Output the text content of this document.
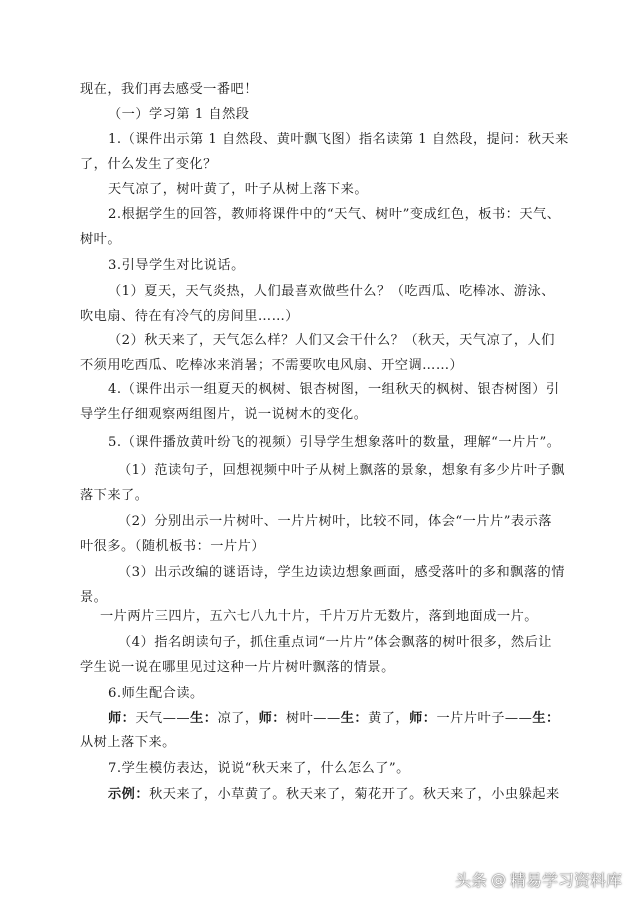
现在，我们再去感受一番吧！
（一）学习第 1 自然段
1.（课件出示第 1 自然段、黄叶飘飞图）指名读第 1 自然段，提问：秋天来
了，什么发生了变化？
天气凉了，树叶黄了，叶子从树上落下来。
2.根据学生的回答，教师将课件中的“天气、树叶”变成红色，板书：天气、
树叶。
3.引导学生对比说话。
（1）夏天，天气炎热，人们最喜欢做些什么？（吃西瓜、吃棒冰、游泳、
吹电扇、待在有冷气的房间里……）
（2）秋天来了，天气怎么样？人们又会干什么？（秋天，天气凉了，人们
不须用吃西瓜、吃棒冰来消暑；不需要吹电风扇、开空调……）
4.（课件出示一组夏天的枫树、银杏树图，一组秋天的枫树、银杏树图）引
导学生仔细观察两组图片，说一说树木的变化。
5.（课件播放黄叶纷飞的视频）引导学生想象落叶的数量，理解“一片片”。
（1）范读句子，回想视频中叶子从树上飘落的景象，想象有多少片叶子飘
落下来了。
（2）分别出示一片树叶、一片片树叶，比较不同，体会“一片片”表示落
叶很多。（随机板书：一片片）
（3）出示改编的谜语诗，学生边读边想象画面，感受落叶的多和飘落的情
景。
一片两片三四片，五六七八九十片，千片万片无数片，落到地面成一片。
（4）指名朗读句子，抓住重点词“一片片”体会飘落的树叶很多，然后让
学生说一说在哪里见过这种一片片树叶飘落的情景。
6.师生配合读。
师：天气——生：凉了，师：树叶——生：黄了，师：一片片叶子——生：
从树上落下来。
7.学生模仿表达，说说“秋天来了，什么怎么了”。
示例：秋天来了，小草黄了。秋天来了，菊花开了。秋天来了，小虫躲起来
头条 @ 精易学习资料库
